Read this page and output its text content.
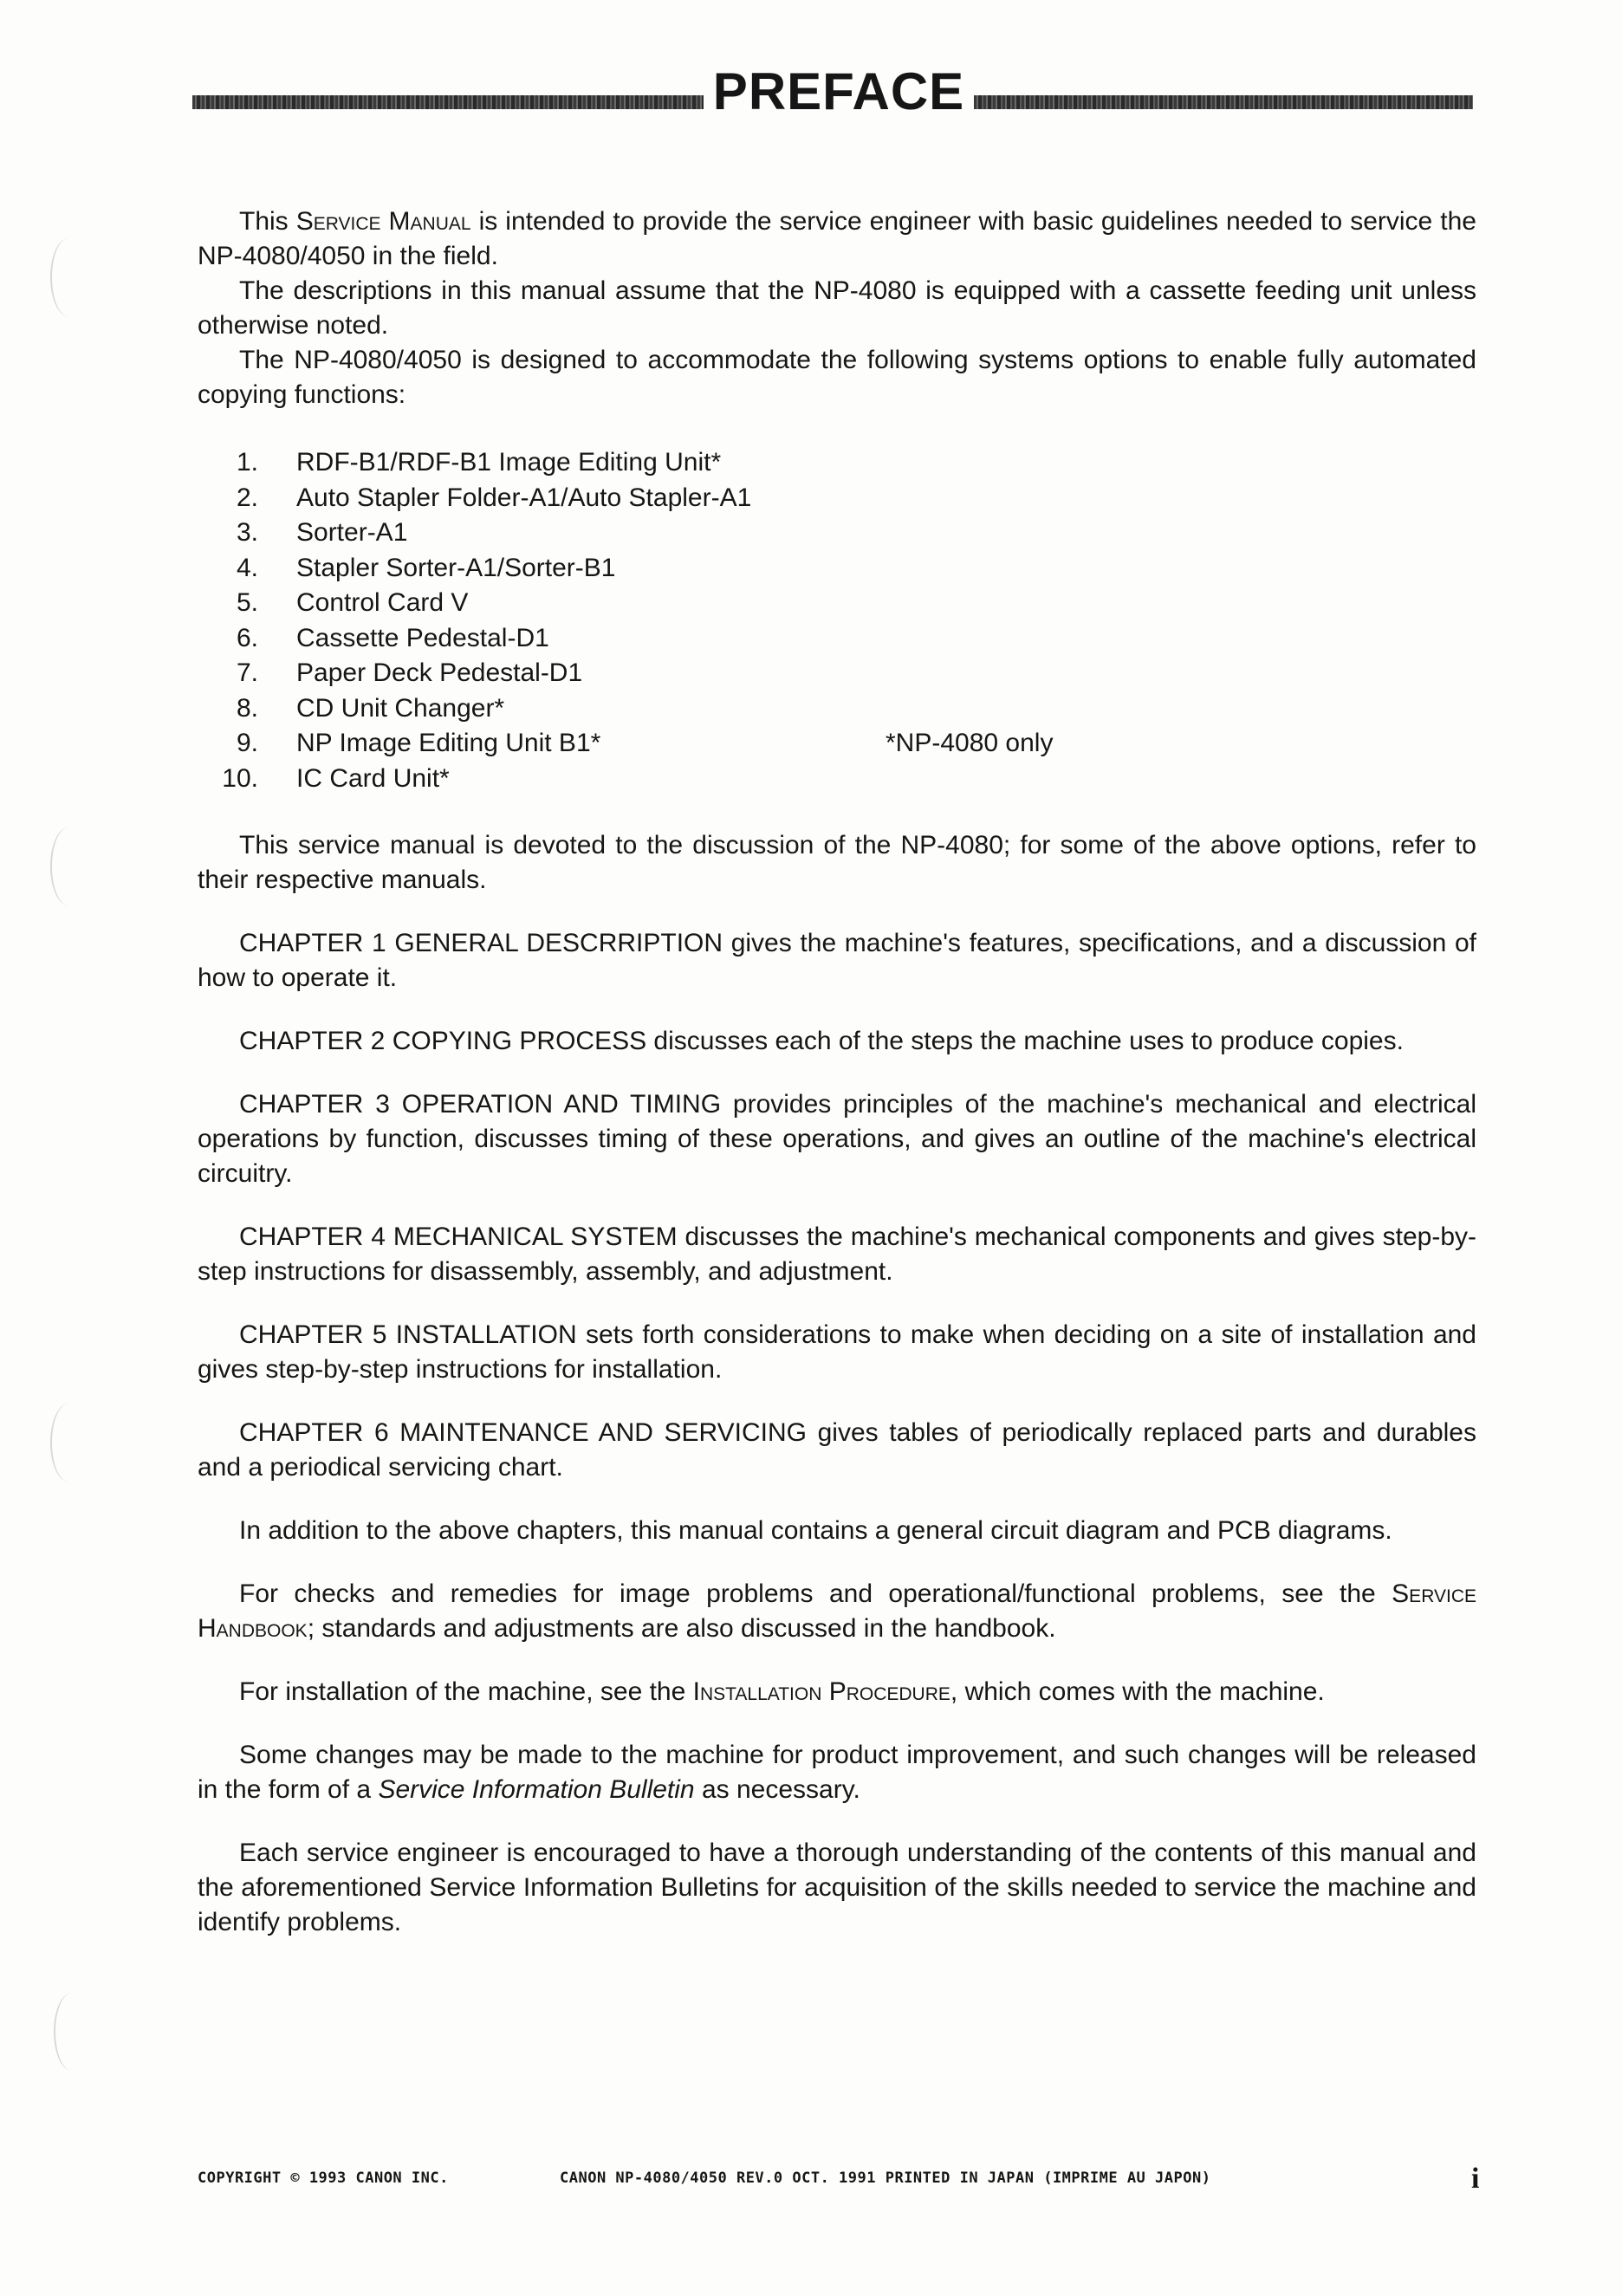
PREFACE

This Service Manual is intended to provide the service engineer with basic guidelines needed to service the NP-4080/4050 in the field.

The descriptions in this manual assume that the NP-4080 is equipped with a cassette feeding unit unless otherwise noted.

The NP-4080/4050 is designed to accommodate the following systems options to enable fully automated copying functions:

1. RDF-B1/RDF-B1 Image Editing Unit*
2. Auto Stapler Folder-A1/Auto Stapler-A1
3. Sorter-A1
4. Stapler Sorter-A1/Sorter-B1
5. Control Card V
6. Cassette Pedestal-D1
7. Paper Deck Pedestal-D1
8. CD Unit Changer*
9. NP Image Editing Unit B1*
10. IC Card Unit*
*NP-4080 only

This service manual is devoted to the discussion of the NP-4080; for some of the above options, refer to their respective manuals.

CHAPTER 1 GENERAL DESCRRIPTION gives the machine's features, specifications, and a discussion of how to operate it.

CHAPTER 2 COPYING PROCESS discusses each of the steps the machine uses to produce copies.

CHAPTER 3 OPERATION AND TIMING provides principles of the machine's mechanical and electrical operations by function, discusses timing of these operations, and gives an outline of the machine's electrical circuitry.

CHAPTER 4 MECHANICAL SYSTEM discusses the machine's mechanical components and gives step-by-step instructions for disassembly, assembly, and adjustment.

CHAPTER 5 INSTALLATION sets forth considerations to make when deciding on a site of installation and gives step-by-step instructions for installation.

CHAPTER 6 MAINTENANCE AND SERVICING gives tables of periodically replaced parts and durables and a periodical servicing chart.

In addition to the above chapters, this manual contains a general circuit diagram and PCB diagrams.

For checks and remedies for image problems and operational/functional problems, see the Service Handbook; standards and adjustments are also discussed in the handbook.

For installation of the machine, see the Installation Procedure, which comes with the machine.

Some changes may be made to the machine for product improvement, and such changes will be released in the form of a Service Information Bulletin as necessary.

Each service engineer is encouraged to have a thorough understanding of the contents of this manual and the aforementioned Service Information Bulletins for acquisition of the skills needed to service the machine and identify problems.

COPYRIGHT © 1993 CANON INC.	CANON NP-4080/4050 REV.0 OCT. 1991 PRINTED IN JAPAN (IMPRIME AU JAPON)	i
